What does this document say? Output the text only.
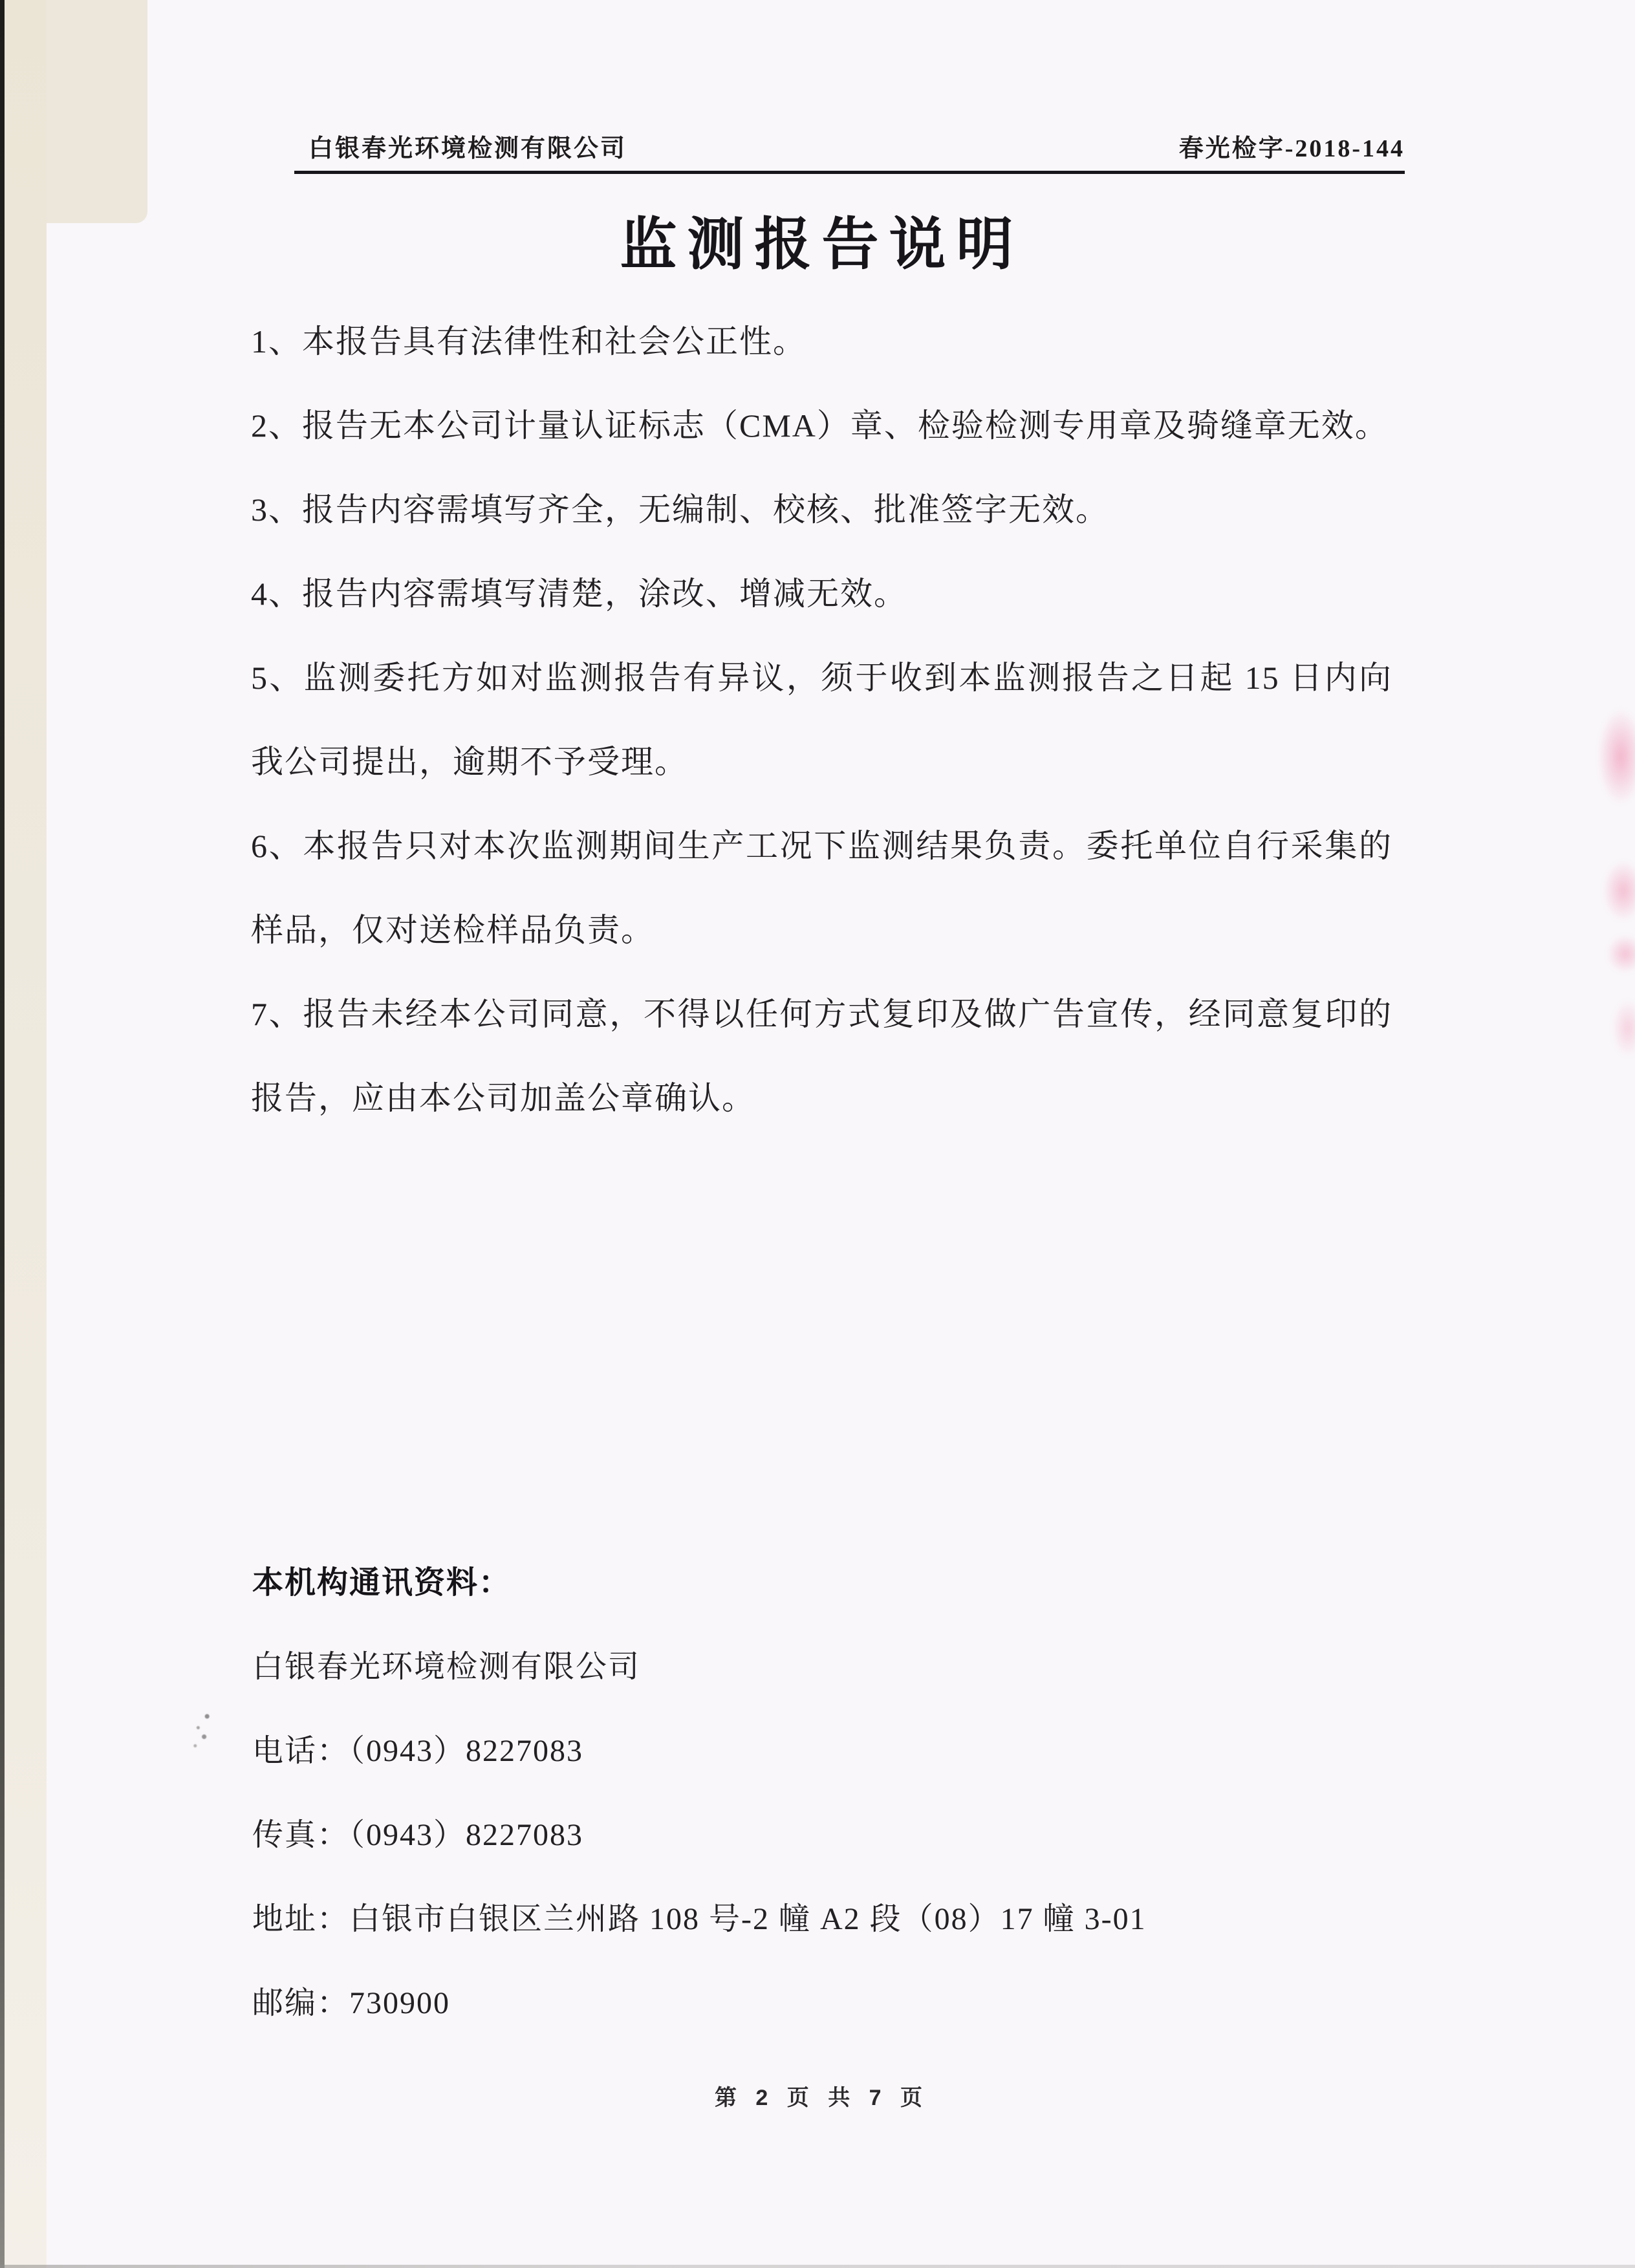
白银春光环境检测有限公司	春光检字-2018-144
监测报告说明

1、本报告具有法律性和社会公正性。

2、报告无本公司计量认证标志（CMA）章、检验检测专用章及骑缝章无效。

3、报告内容需填写齐全，无编制、校核、批准签字无效。

4、报告内容需填写清楚，涂改、增减无效。

5、监测委托方如对监测报告有异议，须于收到本监测报告之日起 15 日内向我公司提出，逾期不予受理。

6、本报告只对本次监测期间生产工况下监测结果负责。委托单位自行采集的样品，仅对送检样品负责。

7、报告未经本公司同意，不得以任何方式复印及做广告宣传，经同意复印的报告，应由本公司加盖公章确认。

本机构通讯资料：
白银春光环境检测有限公司
电话：（0943）8227083
传真：（0943）8227083
地址：白银市白银区兰州路 108 号-2 幢 A2 段（08）17 幢 3-01
邮编：730900
第 2 页 共 7 页
